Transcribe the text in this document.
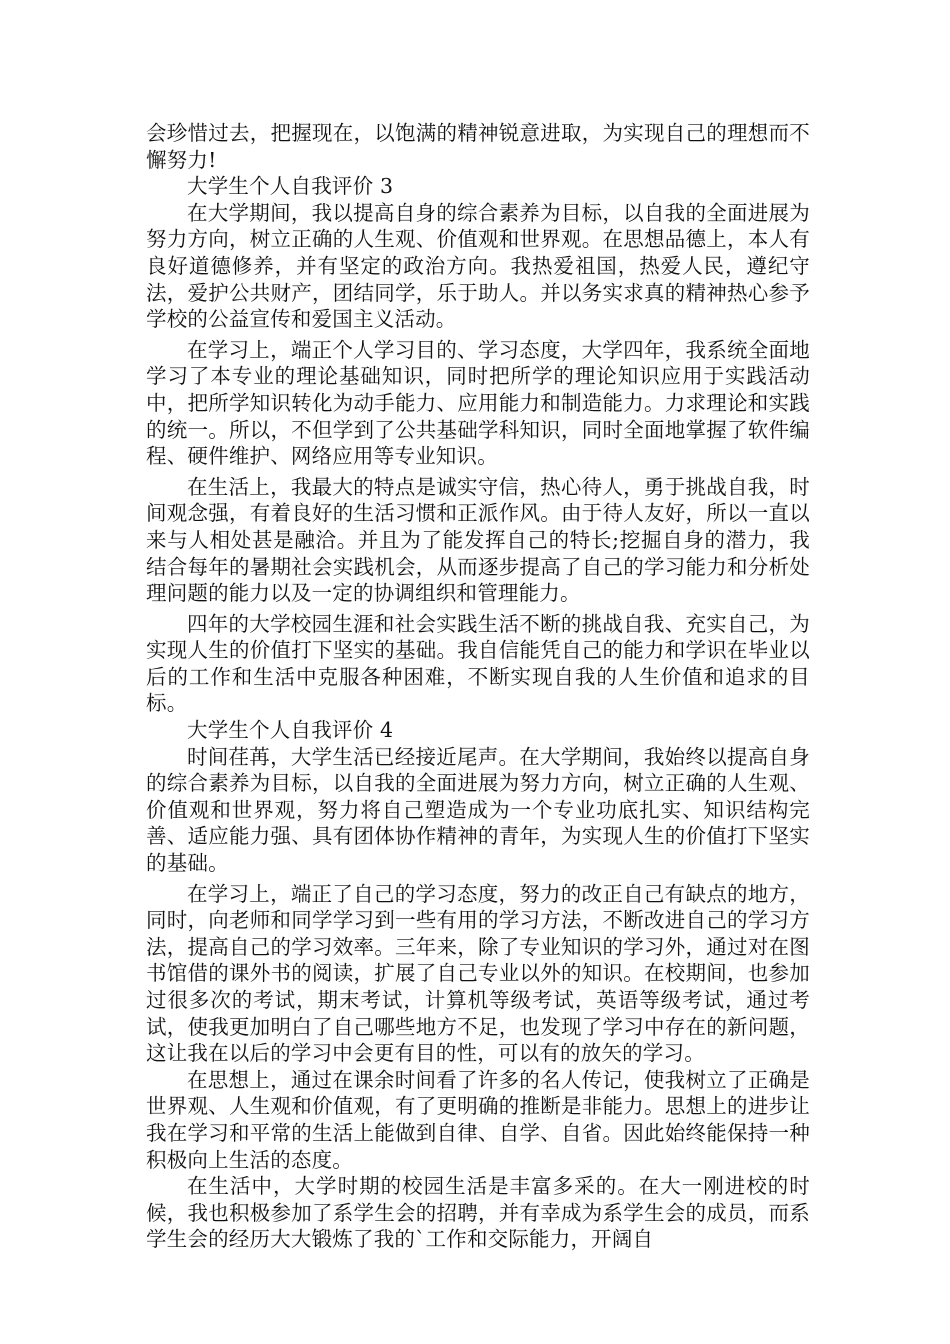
会珍惜过去，把握现在，以饱满的精神锐意进取，为实现自己的理想而不懈努力!

大学生个人自我评价 3

在大学期间，我以提高自身的综合素养为目标，以自我的全面进展为努力方向，树立正确的人生观、价值观和世界观。在思想品德上，本人有良好道德修养，并有坚定的政治方向。我热爱祖国，热爱人民，遵纪守法，爱护公共财产，团结同学，乐于助人。并以务实求真的精神热心参予学校的公益宣传和爱国主义活动。

在学习上，端正个人学习目的、学习态度，大学四年，我系统全面地学习了本专业的理论基础知识，同时把所学的理论知识应用于实践活动中，把所学知识转化为动手能力、应用能力和制造能力。力求理论和实践的统一。所以，不但学到了公共基础学科知识，同时全面地掌握了软件编程、硬件维护、网络应用等专业知识。

在生活上，我最大的特点是诚实守信，热心待人，勇于挑战自我，时间观念强，有着良好的生活习惯和正派作风。由于待人友好，所以一直以来与人相处甚是融洽。并且为了能发挥自己的特长;挖掘自身的潜力，我结合每年的暑期社会实践机会，从而逐步提高了自己的学习能力和分析处理问题的能力以及一定的协调组织和管理能力。

四年的大学校园生涯和社会实践生活不断的挑战自我、充实自己，为实现人生的价值打下坚实的基础。我自信能凭自己的能力和学识在毕业以后的工作和生活中克服各种困难，不断实现自我的人生价值和追求的目标。

大学生个人自我评价 4

时间荏苒，大学生活已经接近尾声。在大学期间，我始终以提高自身的综合素养为目标，以自我的全面进展为努力方向，树立正确的人生观、价值观和世界观，努力将自己塑造成为一个专业功底扎实、知识结构完善、适应能力强、具有团体协作精神的青年，为实现人生的价值打下坚实的基础。

在学习上，端正了自己的学习态度，努力的改正自己有缺点的地方，同时，向老师和同学学习到一些有用的学习方法，不断改进自己的学习方法，提高自己的学习效率。三年来，除了专业知识的学习外，通过对在图书馆借的课外书的阅读，扩展了自己专业以外的知识。在校期间，也参加过很多次的考试，期末考试，计算机等级考试，英语等级考试，通过考试，使我更加明白了自己哪些地方不足，也发现了学习中存在的新问题，这让我在以后的学习中会更有目的性，可以有的放矢的学习。

在思想上，通过在课余时间看了许多的名人传记，使我树立了正确是世界观、人生观和价值观，有了更明确的推断是非能力。思想上的进步让我在学习和平常的生活上能做到自律、自学、自省。因此始终能保持一种积极向上生活的态度。

在生活中，大学时期的校园生活是丰富多采的。在大一刚进校的时候，我也积极参加了系学生会的招聘，并有幸成为系学生会的成员，而系学生会的经历大大锻炼了我的`工作和交际能力，开阔自
